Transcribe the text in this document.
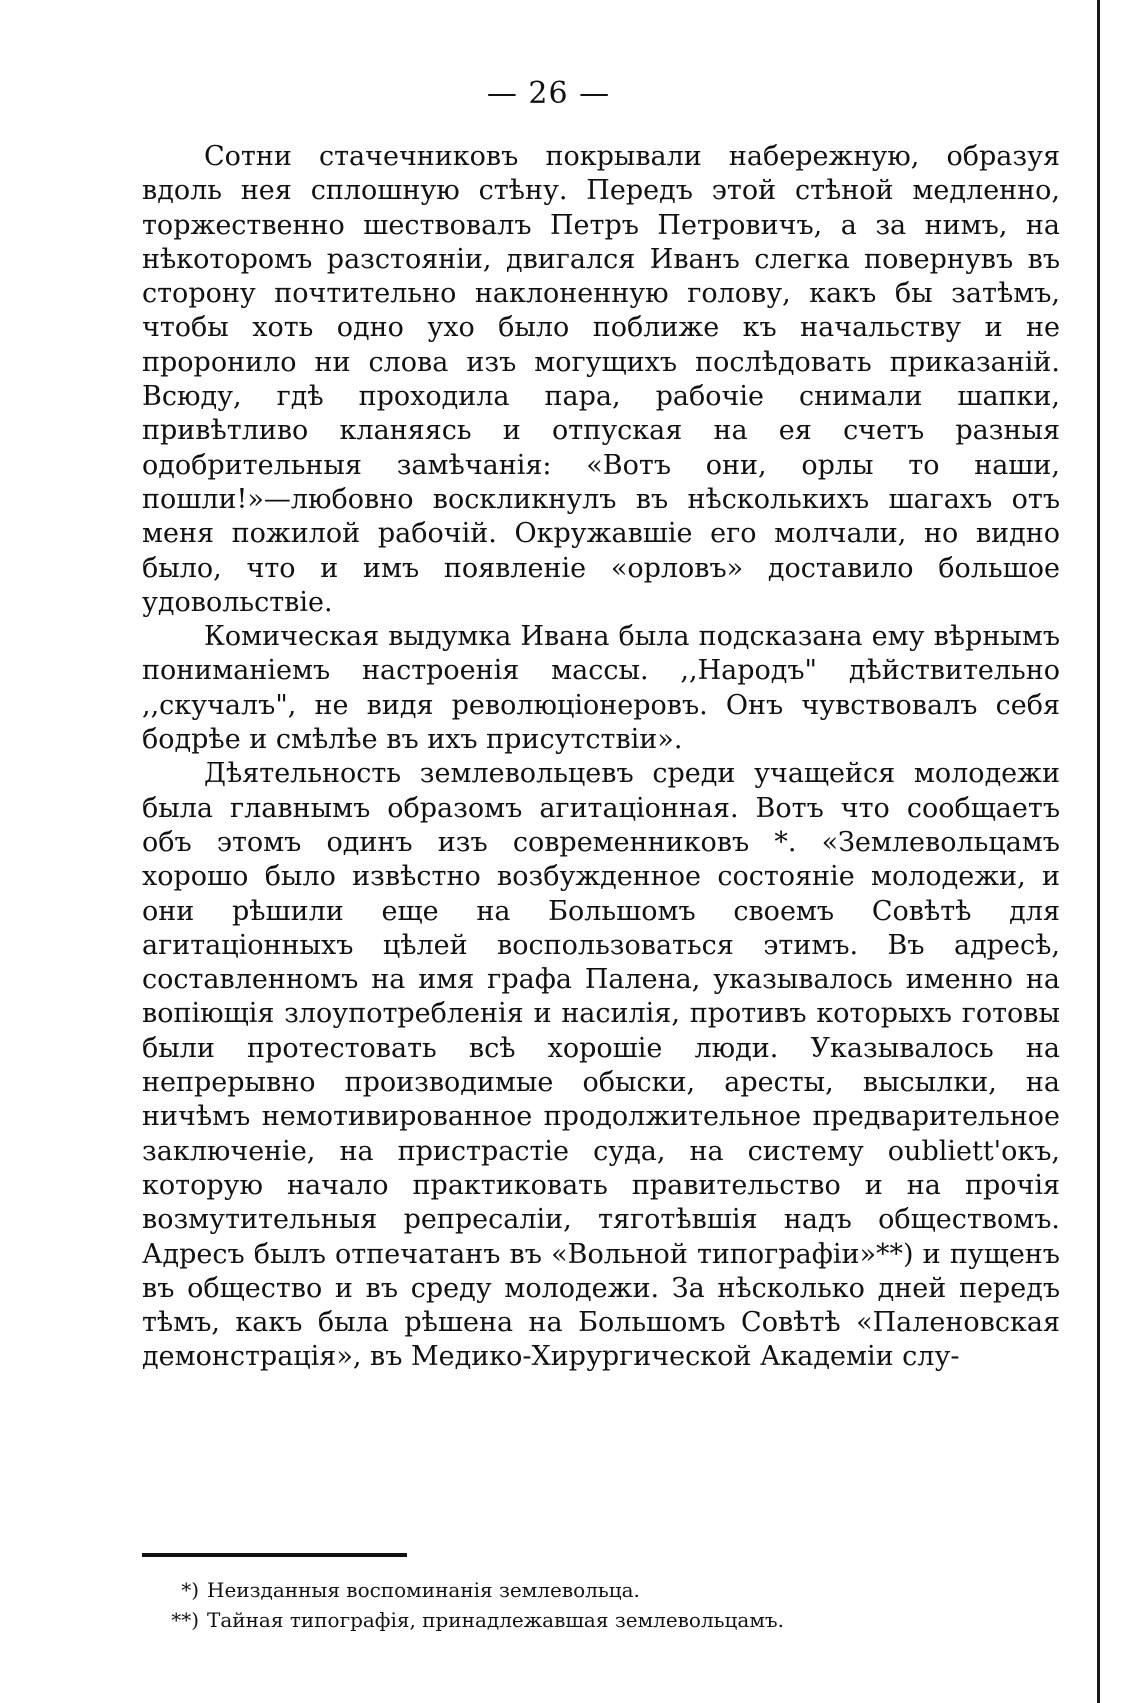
— 26 —

Сотни стачечниковъ покрывали набережную, образуя вдоль нея сплошную стѣну. Передъ этой стѣной медленно, торжественно шествовалъ Петръ Петровичъ, а за нимъ, на нѣкоторомъ разстояніи, двигался Иванъ слегка повернувъ въ сторону почтительно наклоненную голову, какъ бы затѣмъ, чтобы хоть одно ухо было поближе къ начальству и не проронило ни слова изъ могущихъ послѣдовать приказаній. Всюду, гдѣ проходила пара, рабочіе снимали шапки, привѣтливо кланяясь и отпуская на ея счетъ разныя одобрительныя замѣчанія: «Вотъ они, орлы то наши, пошли!»—любовно воскликнулъ въ нѣсколькихъ шагахъ отъ меня пожилой рабочій. Окружавшіе его молчали, но видно было, что и имъ появленіе «орловъ» доставило большое удовольствіе.

Комическая выдумка Ивана была подсказана ему вѣрнымъ пониманіемъ настроенія массы. ,,Народъ" дѣйствительно ,,скучалъ", не видя революціонеровъ. Онъ чувствовалъ себя бодрѣе и смѣлѣе въ ихъ присутствіи».

Дѣятельность землевольцевъ среди учащейся молодежи была главнымъ образомъ агитаціонная. Вотъ что сообщаетъ объ этомъ одинъ изъ современниковъ *. «Землевольцамъ хорошо было извѣстно возбужденное состояніе молодежи, и они рѣшили еще на Большомъ своемъ Совѣтѣ для агитаціонныхъ цѣлей воспользоваться этимъ. Въ адресѣ, составленномъ на имя графа Палена, указывалось именно на вопіющія злоупотребленія и насилія, противъ которыхъ готовы были протестовать всѣ хорошіе люди. Указывалось на непрерывно производимые обыски, аресты, высылки, на ничѣмъ немотивированное продолжительное предварительное заключеніе, на пристрастіе суда, на систему oubliett'окъ, которую начало практиковать правительство и на прочія возмутительныя репресаліи, тяготѣвшія надъ обществомъ. Адресъ былъ отпечатанъ въ «Вольной типографіи»**) и пущенъ въ общество и въ среду молодежи. За нѣсколько дней передъ тѣмъ, какъ была рѣшена на Большомъ Совѣтѣ «Паленовская демонстрація», въ Медико-Хирургической Академіи слу-

*) Неизданныя воспоминанія землевольца.

**) Тайная типографія, принадлежавшая землевольцамъ.
